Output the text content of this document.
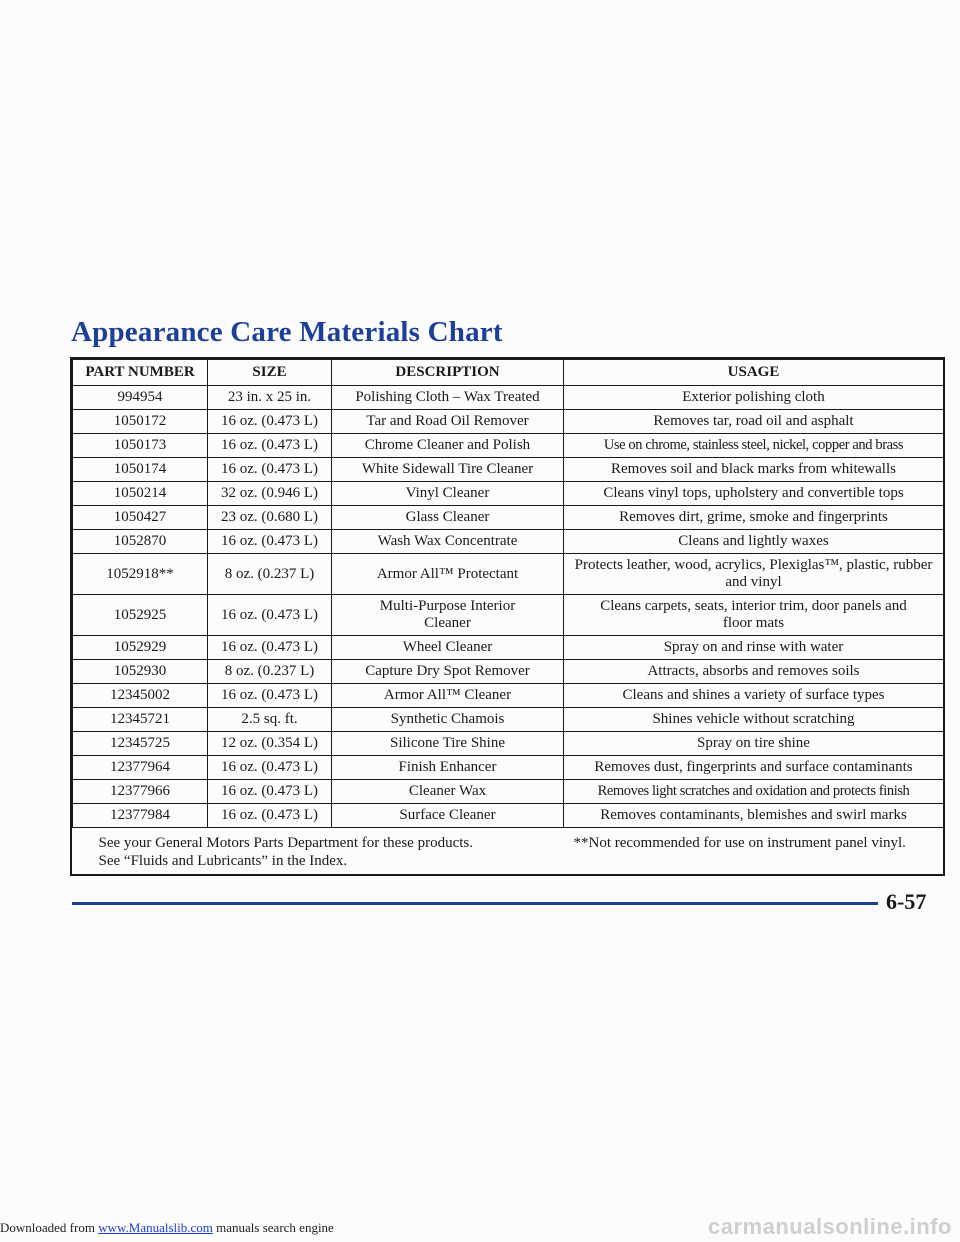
Appearance Care Materials Chart
PART NUMBER	SIZE	DESCRIPTION	USAGE
994954	23 in. x 25 in.	Polishing Cloth – Wax Treated	Exterior polishing cloth
1050172	16 oz. (0.473 L)	Tar and Road Oil Remover	Removes tar, road oil and asphalt
1050173	16 oz. (0.473 L)	Chrome Cleaner and Polish	Use on chrome, stainless steel, nickel, copper and brass
1050174	16 oz. (0.473 L)	White Sidewall Tire Cleaner	Removes soil and black marks from whitewalls
1050214	32 oz. (0.946 L)	Vinyl Cleaner	Cleans vinyl tops, upholstery and convertible tops
1050427	23 oz. (0.680 L)	Glass Cleaner	Removes dirt, grime, smoke and fingerprints
1052870	16 oz. (0.473 L)	Wash Wax Concentrate	Cleans and lightly waxes
1052918**	8 oz. (0.237 L)	Armor All™ Protectant	Protects leather, wood, acrylics, Plexiglas™, plastic, rubber and vinyl
1052925	16 oz. (0.473 L)	Multi-Purpose Interior Cleaner	Cleans carpets, seats, interior trim, door panels and floor mats
1052929	16 oz. (0.473 L)	Wheel Cleaner	Spray on and rinse with water
1052930	8 oz. (0.237 L)	Capture Dry Spot Remover	Attracts, absorbs and removes soils
12345002	16 oz. (0.473 L)	Armor All™ Cleaner	Cleans and shines a variety of surface types
12345721	2.5 sq. ft.	Synthetic Chamois	Shines vehicle without scratching
12345725	12 oz. (0.354 L)	Silicone Tire Shine	Spray on tire shine
12377964	16 oz. (0.473 L)	Finish Enhancer	Removes dust, fingerprints and surface contaminants
12377966	16 oz. (0.473 L)	Cleaner Wax	Removes light scratches and oxidation and protects finish
12377984	16 oz. (0.473 L)	Surface Cleaner	Removes contaminants, blemishes and swirl marks
See your General Motors Parts Department for these products.
See “Fluids and Lubricants” in the Index.			**Not recommended for use on instrument panel vinyl.
6-57
Downloaded from www.Manualslib.com manuals search engine	carmanualsonline.info
